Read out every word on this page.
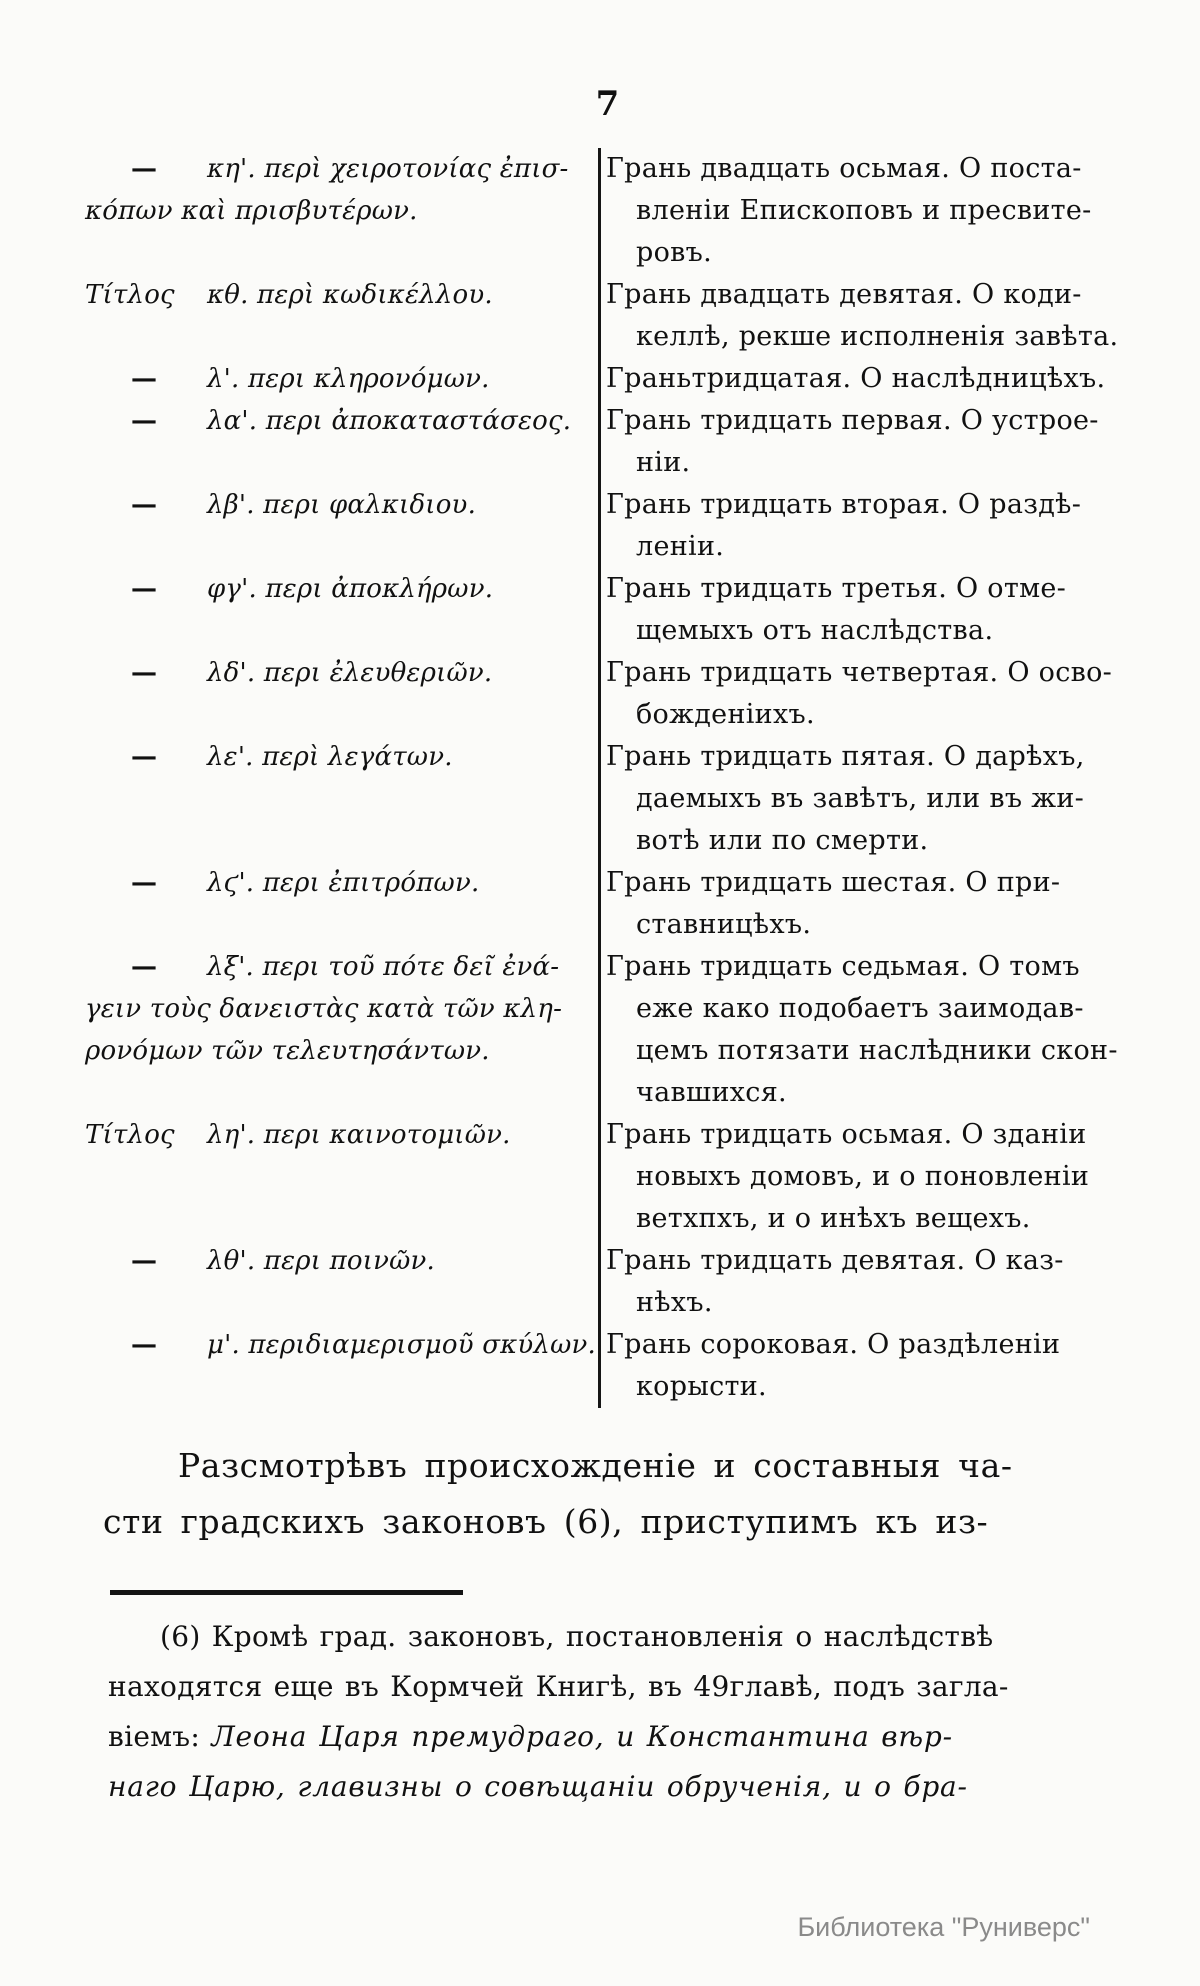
7
—	κη'. περὶ χειροτονίας ἐπισ-
κόπων καὶ πρισβυτέρων.
Грань двадцать осьмая. О поста-
вленіи Епископовъ и пресвите-
ровъ.
Τίτλος	κθ. περὶ κωδικέλλου.	Грань двадцать девятая. О коди-
келлѣ, рекше исполненія завѣта.
—	λ'. περι κληρονόμων.	Граньтридцатая. О наслѣдницѣхъ.
—	λα'. περι ἀποκαταστάσεος. Грань тридцать первая. О устрое-
ніи.
—	λβ'. περι φαλκιδιου.	Грань тридцать вторая. О раздѣ-
леніи.
—	φγ'. περι ἀποκλήρων.	Грань тридцать третья. О отме-
щемыхъ отъ наслѣдства.
—	λδ'. περι ἐλευθεριῶν.	Грань тридцать четвертая. О осво-
божденіихъ.
—	λε'. περὶ λεγάτων.	Грань тридцать пятая. О дарѣхъ,
даемыхъ въ завѣтъ, или въ жи-
вотѣ или по смерти.
—	λϛ'. περι ἐπιτρόπων.	Грань тридцать шестая. О при-
ставницѣхъ.
—	λξ'. περι τοῦ πότε δεῖ ἐνά-
γειν τοὺς δανειστὰς κατὰ τῶν κλη-
ρονόμων τῶν τελευτησάντων.
Грань тридцать седьмая. О томъ
еже како подобаетъ заимодав-
цемъ потязати наслѣдники скон-
чавшихся.
Τίτλος	λη'. περι καινοτομιῶν.	Грань тридцать осьмая. О зданіи
новыхъ домовъ, и о поновленіи
ветхпхъ, и о инѣхъ вещехъ.
—	λθ'. περι ποινῶν.	Грань тридцать девятая. О каз-
нѣхъ.
—	μ'. περιδιαμερισμοῦ σκύλων. Грань сороковая. О раздѣленіи
корысти.
Разсмотрѣвъ происхожденіе и составныя ча-
сти градскихъ законовъ (6), приступимъ къ из-
(6) Кромѣ град. законовъ, постановленія о наслѣдствѣ
находятся еще въ Кормчей Книгѣ, въ 49главѣ, подъ загла-
віемъ: Леона Царя премудраго, и Константина вѣр-
наго Царю, главизны о совѣщаніи обрученія, и о бра-
Библиотека "Руниверс"
